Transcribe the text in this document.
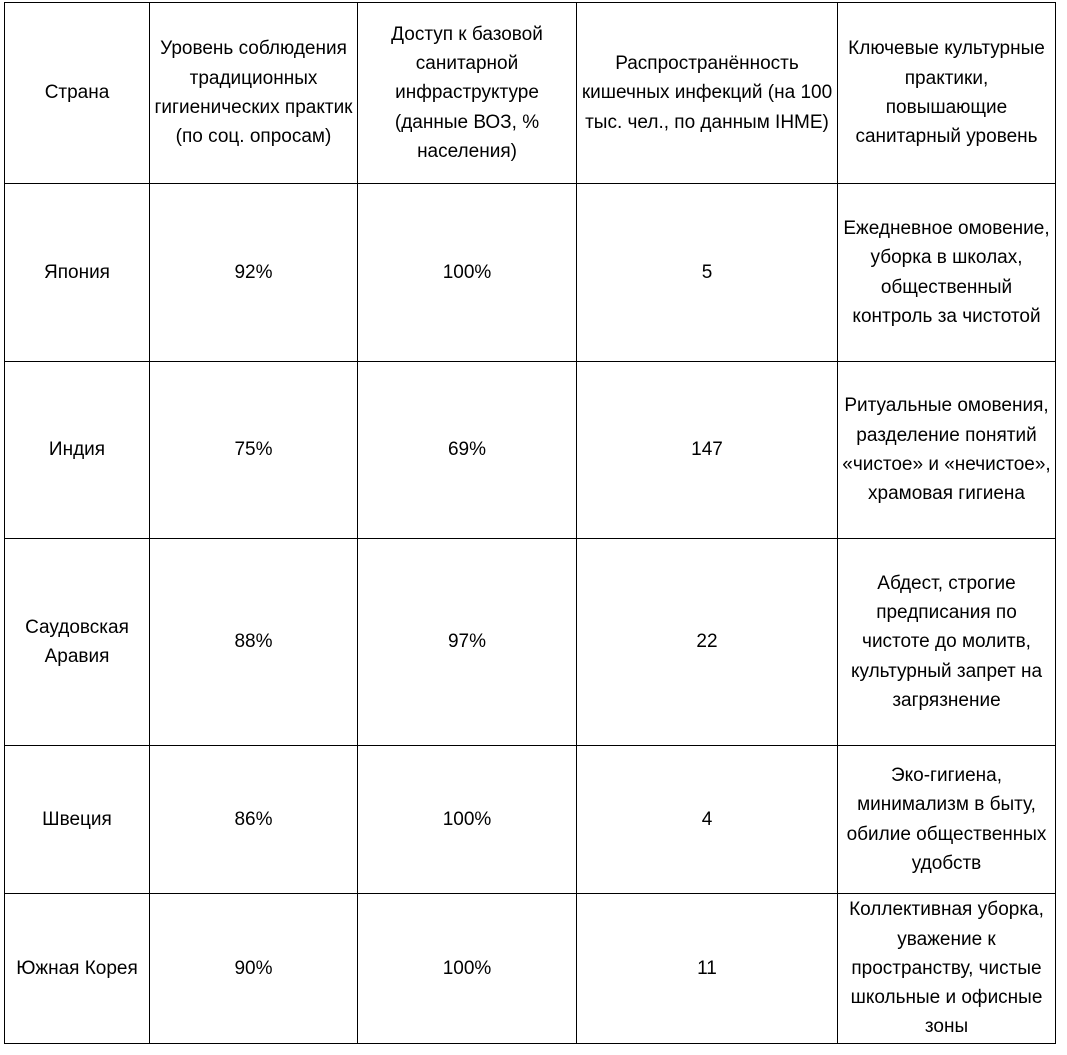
Страна	Уровень соблюдения традиционных гигиенических практик (по соц. опросам)	Доступ к базовой санитарной инфраструктуре (данные ВОЗ, % населения)	Распространённость кишечных инфекций (на 100 тыс. чел., по данным IHME)	Ключевые культурные практики, повышающие санитарный уровень
Япония	92%	100%	5	Ежедневное омовение, уборка в школах, общественный контроль за чистотой
Индия	75%	69%	147	Ритуальные омовения, разделение понятий «чистое» и «нечистое», храмовая гигиена
Саудовская Аравия	88%	97%	22	Абдест, строгие предписания по чистоте до молитв, культурный запрет на загрязнение
Швеция	86%	100%	4	Эко-гигиена, минимализм в быту, обилие общественных удобств
Южная Корея	90%	100%	11	Коллективная уборка, уважение к пространству, чистые школьные и офисные зоны
